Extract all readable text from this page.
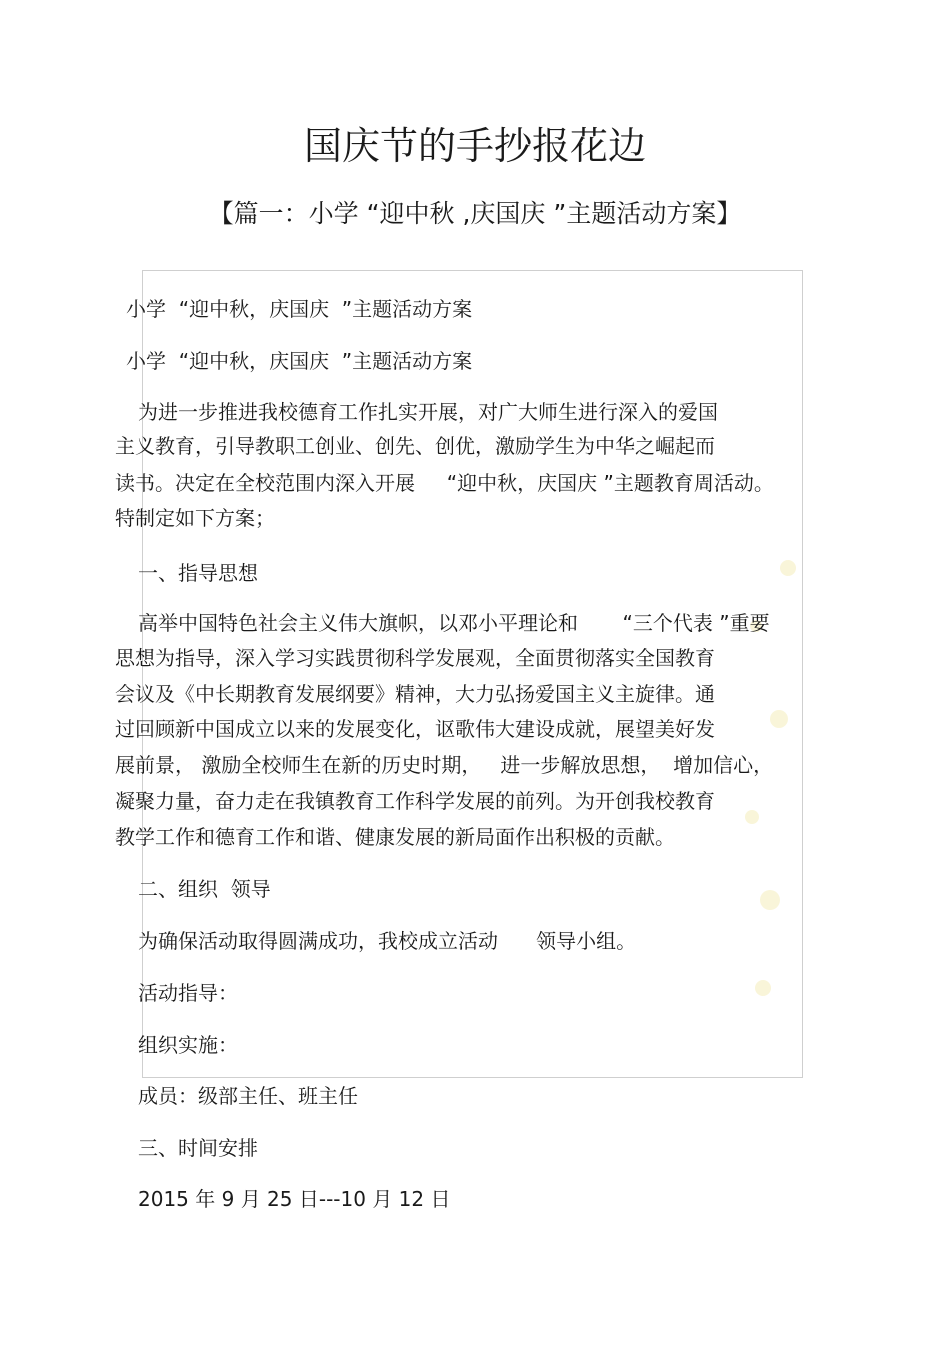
国庆节的手抄报花边
【篇一：小学 “迎中秋 ,庆国庆 ”主题活动方案】

小学  “迎中秋，庆国庆  ”主题活动方案

小学  “迎中秋，庆国庆  ”主题活动方案

为进一步推进我校德育工作扎实开展，对广大师生进行深入的爱国

主义教育，引导教职工创业、创先、创优，激励学生为中华之崛起而

读书。决定在全校范围内深入开展     “迎中秋，庆国庆 ”主题教育周活动。

特制定如下方案；

一、指导思想

高举中国特色社会主义伟大旗帜，以邓小平理论和       “三个代表 ”重要

思想为指导，深入学习实践贯彻科学发展观，全面贯彻落实全国教育

会议及《中长期教育发展纲要》精神，大力弘扬爱国主义主旋律。通

过回顾新中国成立以来的发展变化，讴歌伟大建设成就，展望美好发

展前景， 激励全校师生在新的历史时期，   进一步解放思想，  增加信心，

凝聚力量，奋力走在我镇教育工作科学发展的前列。为开创我校教育

教学工作和德育工作和谐、健康发展的新局面作出积极的贡献。

二、组织  领导

为确保活动取得圆满成功，我校成立活动      领导小组。

活动指导：

组织实施：

成员：级部主任、班主任

三、时间安排

2015 年 9 月 25 日---10 月 12 日
